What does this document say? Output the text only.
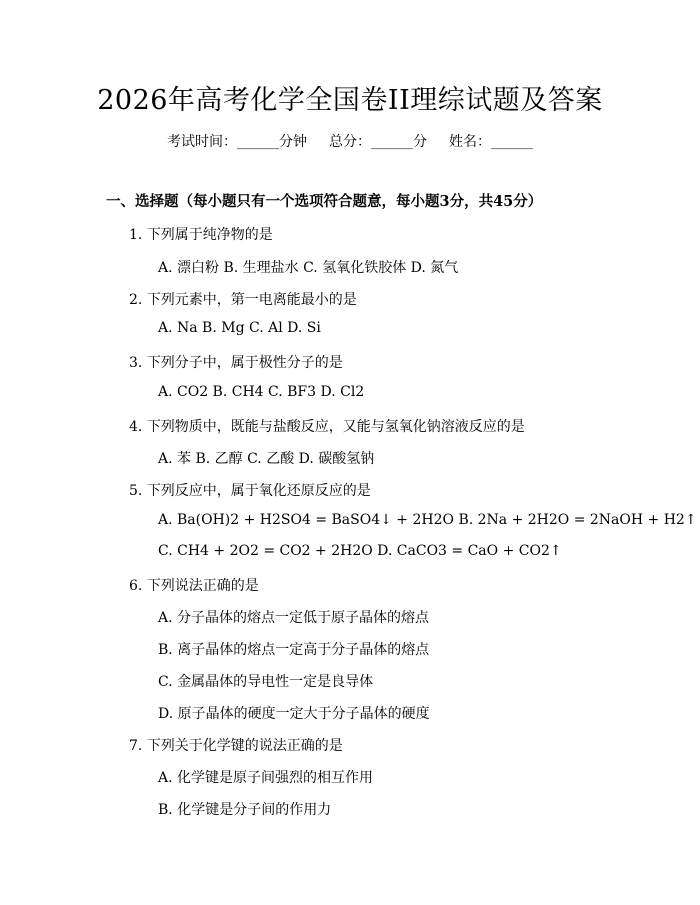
2026年高考化学全国卷II理综试题及答案
考试时间：______分钟 总分：______分 姓名：______
一、选择题（每小题只有一个选项符合题意，每小题3分，共45分）
1. 下列属于纯净物的是
A. 漂白粉 B. 生理盐水 C. 氢氧化铁胶体 D. 氮气
2. 下列元素中，第一电离能最小的是
A. Na B. Mg C. Al D. Si
3. 下列分子中，属于极性分子的是
A. CO2 B. CH4 C. BF3 D. Cl2
4. 下列物质中，既能与盐酸反应，又能与氢氧化钠溶液反应的是
A. 苯 B. 乙醇 C. 乙酸 D. 碳酸氢钠
5. 下列反应中，属于氧化还原反应的是
A. Ba(OH)2 + H2SO4 = BaSO4↓ + 2H2O B. 2Na + 2H2O = 2NaOH + H2↑
C. CH4 + 2O2 = CO2 + 2H2O D. CaCO3 = CaO + CO2↑
6. 下列说法正确的是
A. 分子晶体的熔点一定低于原子晶体的熔点
B. 离子晶体的熔点一定高于分子晶体的熔点
C. 金属晶体的导电性一定是良导体
D. 原子晶体的硬度一定大于分子晶体的硬度
7. 下列关于化学键的说法正确的是
A. 化学键是原子间强烈的相互作用
B. 化学键是分子间的作用力
